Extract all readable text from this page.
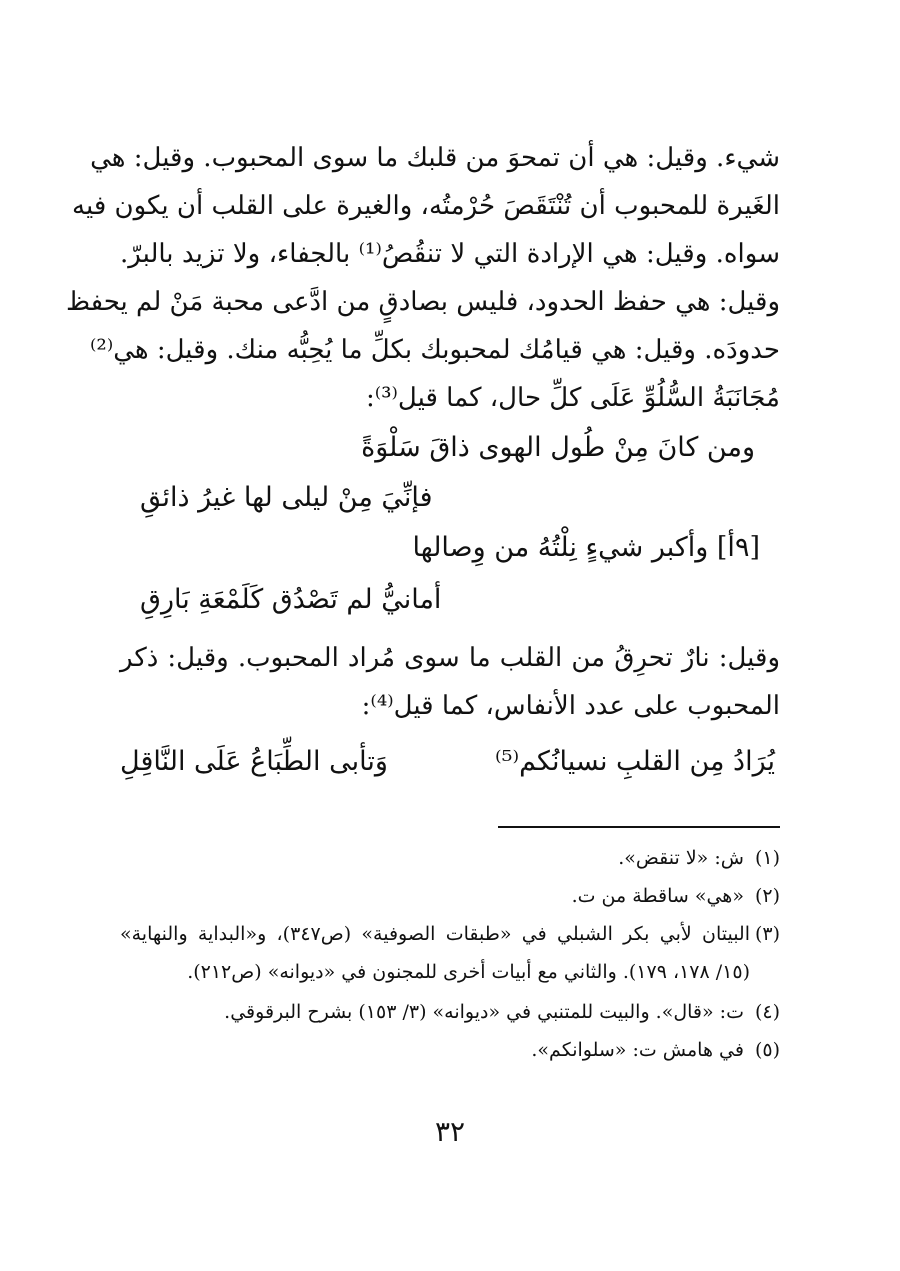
شيء. وقيل: هي أن تمحوَ من قلبك ما سوى المحبوب. وقيل: هي
الغَيرة للمحبوب أن تُنْتَقَصَ حُرْمتُه، والغيرة على القلب أن يكون فيه
سواه. وقيل: هي الإرادة التي لا تنقُصُ⁽¹⁾ بالجفاء، ولا تزيد بالبرّ.
وقيل: هي حفظ الحدود، فليس بصادقٍ من ادَّعى محبة مَنْ لم يحفظ
حدودَه. وقيل: هي قيامُك لمحبوبك بكلِّ ما يُحِبُّه منك. وقيل: هي⁽²⁾
مُجَانَبَةُ السُّلُوِّ عَلَى كلِّ حال، كما قيل⁽³⁾:
ومن كانَ مِنْ طُول الهوى ذاقَ سَلْوَةً
فإنِّيَ مِنْ ليلى لها غيرُ ذائقِ
[٩أ] وأكبر شيءٍ نِلْتُهُ من وِصالها
أمانيُّ لم تَصْدُق كَلَمْعَةِ بَارِقِ
وقيل: نارٌ تحرِقُ من القلب ما سوى مُراد المحبوب. وقيل: ذكر
المحبوب على عدد الأنفاس، كما قيل⁽⁴⁾:
يُرَادُ مِن القلبِ نسيانُكم⁽⁵⁾
وَتأبى الطِّبَاعُ عَلَى النَّاقِلِ
(١) ش: «لا تنقض».
(٢) «هي» ساقطة من ت.
(٣)البيتان لأبي بكر الشبلي في «طبقات الصوفية» (ص٣٤٧)، و«البداية والنهاية»
(١٥/ ١٧٨، ١٧٩). والثاني مع أبيات أخرى للمجنون في «ديوانه» (ص٢١٢).
(٤) ت: «قال». والبيت للمتنبي في «ديوانه» (٣/ ١٥٣) بشرح البرقوقي.
(٥) في هامش ت: «سلوانكم».
٣٢
